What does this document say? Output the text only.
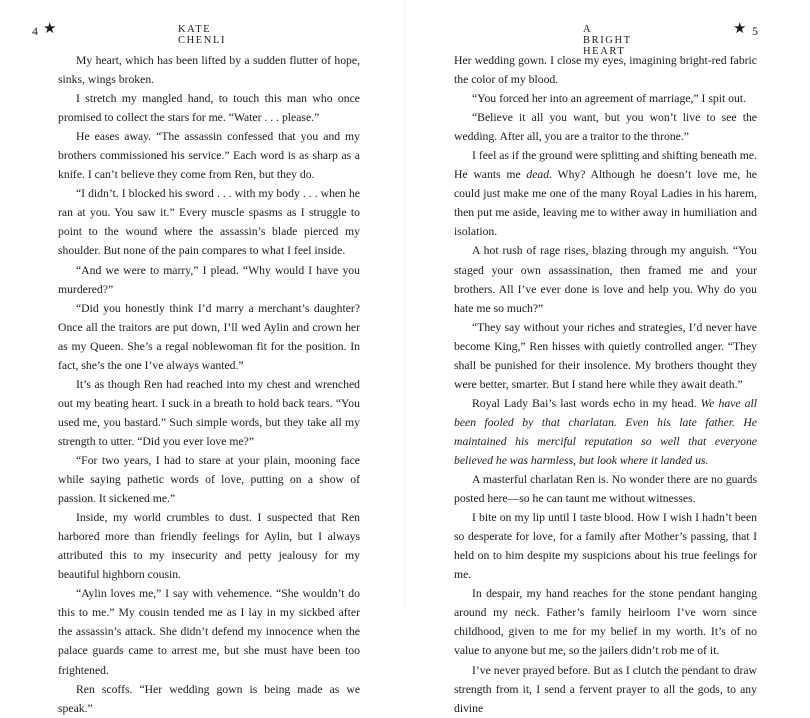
4 ★	KATE CHENLI

My heart, which has been lifted by a sudden flutter of hope, sinks, wings broken.

I stretch my mangled hand, to touch this man who once promised to collect the stars for me. “Water . . . please.”

He eases away. “The assassin confessed that you and my brothers commissioned his service.” Each word is as sharp as a knife. I can’t believe they come from Ren, but they do.

“I didn’t. I blocked his sword . . . with my body . . . when he ran at you. You saw it.” Every muscle spasms as I struggle to point to the wound where the assassin’s blade pierced my shoulder. But none of the pain compares to what I feel inside.

“And we were to marry,” I plead. “Why would I have you murdered?”

“Did you honestly think I’d marry a merchant’s daughter? Once all the traitors are put down, I’ll wed Aylin and crown her as my Queen. She’s a regal noblewoman fit for the position. In fact, she’s the one I’ve always wanted.”

It’s as though Ren had reached into my chest and wrenched out my beating heart. I suck in a breath to hold back tears. “You used me, you bastard.” Such simple words, but they take all my strength to utter. “Did you ever love me?”

“For two years, I had to stare at your plain, mooning face while saying pathetic words of love, putting on a show of passion. It sickened me.”

Inside, my world crumbles to dust. I suspected that Ren harbored more than friendly feelings for Aylin, but I always attributed this to my insecurity and petty jealousy for my beautiful highborn cousin.

“Aylin loves me,” I say with vehemence. “She wouldn’t do this to me.” My cousin tended me as I lay in my sickbed after the assassin’s attack. She didn’t defend my innocence when the palace guards came to arrest me, but she must have been too frightened.

Ren scoffs. “Her wedding gown is being made as we speak.”

A BRIGHT HEART
★ 5

Her wedding gown. I close my eyes, imagining bright-red fabric the color of my blood.

“You forced her into an agreement of marriage,” I spit out.

“Believe it all you want, but you won’t live to see the wedding. After all, you are a traitor to the throne.”

I feel as if the ground were splitting and shifting beneath me. He wants me dead. Why? Although he doesn’t love me, he could just make me one of the many Royal Ladies in his harem, then put me aside, leaving me to wither away in humiliation and isolation.

A hot rush of rage rises, blazing through my anguish. “You staged your own assassination, then framed me and your brothers. All I’ve ever done is love and help you. Why do you hate me so much?”

“They say without your riches and strategies, I’d never have become King,” Ren hisses with quietly controlled anger. “They shall be punished for their insolence. My brothers thought they were better, smarter. But I stand here while they await death.”

Royal Lady Bai’s last words echo in my head. We have all been fooled by that charlatan. Even his late father. He maintained his merciful reputation so well that everyone believed he was harmless, but look where it landed us.

A masterful charlatan Ren is. No wonder there are no guards posted here—so he can taunt me without witnesses.

I bite on my lip until I taste blood. How I wish I hadn’t been so desperate for love, for a family after Mother’s passing, that I held on to him despite my suspicions about his true feelings for me.

In despair, my hand reaches for the stone pendant hanging around my neck. Father’s family heirloom I’ve worn since childhood, given to me for my belief in my worth. It’s of no value to anyone but me, so the jailers didn’t rob me of it.

I’ve never prayed before. But as I clutch the pendant to draw strength from it, I send a fervent prayer to all the gods, to any divine
